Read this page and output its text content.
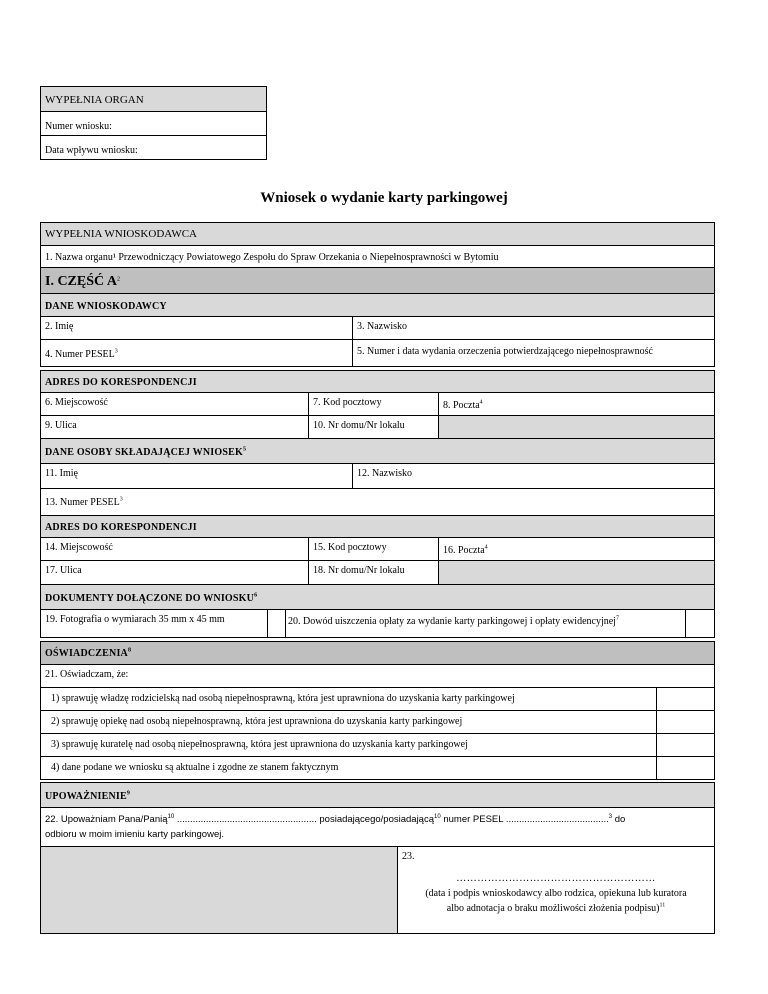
WYPEŁNIA ORGAN
Numer wniosku:
Data wpływu wniosku:
Wniosek o wydanie karty parkingowej
WYPEŁNIA WNIOSKODAWCA
1. Nazwa organu¹ Przewodniczący Powiatowego Zespołu do Spraw Orzekania o Niepełnosprawności w Bytomiu
I. CZĘŚĆ $A^2$
DANE WNIOSKODAWCY
2. Imię	3. Nazwisko
4. Numer PESEL$^3$	5. Numer i data wydania orzeczenia potwierdzającego niepełnosprawność
ADRES DO KORESPONDENCJI
6. Miejscowość	7. Kod pocztowy	8. Poczta$^4$
9. Ulica	10. Nr domu/Nr lokalu
DANE OSOBY SKŁADAJĄCEJ WNIOSEK$^5$
11. Imię	12. Nazwisko
13. Numer PESEL$^3$
ADRES DO KORESPONDENCJI
14. Miejscowość	15. Kod pocztowy	16. Poczta$^4$
17. Ulica	18. Nr domu/Nr lokalu
DOKUMENTY DOŁĄCZONE DO WNIOSKU$^6$
19. Fotografia o wymiarach 35 mm x 45 mm	20. Dowód uiszczenia opłaty za wydanie karty parkingowej i opłaty ewidencyjnej$^7$
OŚWIADCZENIA$^8$
21. Oświadczam, że:
1) sprawuję władzę rodzicielską nad osobą niepełnosprawną, która jest uprawniona do uzyskania karty parkingowej
2) sprawuję opiekę nad osobą niepełnosprawną, która jest uprawniona do uzyskania karty parkingowej
3) sprawuję kuratelę nad osobą niepełnosprawną, która jest uprawniona do uzyskania karty parkingowej
4) dane podane we wniosku są aktualne i zgodne ze stanem faktycznym
UPOWAŻNIENIE$^9$
22. Upoważniam Pana/Panią$^{10}$ ..................................................... posiadającego/posiadającą$^{10}$ numer PESEL .......................................$^3$ do
odbioru w moim imieniu karty parkingowej.
23.
…………………………………………………
(data i podpis wnioskodawcy albo rodzica, opiekuna lub kuratora
albo adnotacja o braku możliwości złożenia podpisu)$^{11}$
